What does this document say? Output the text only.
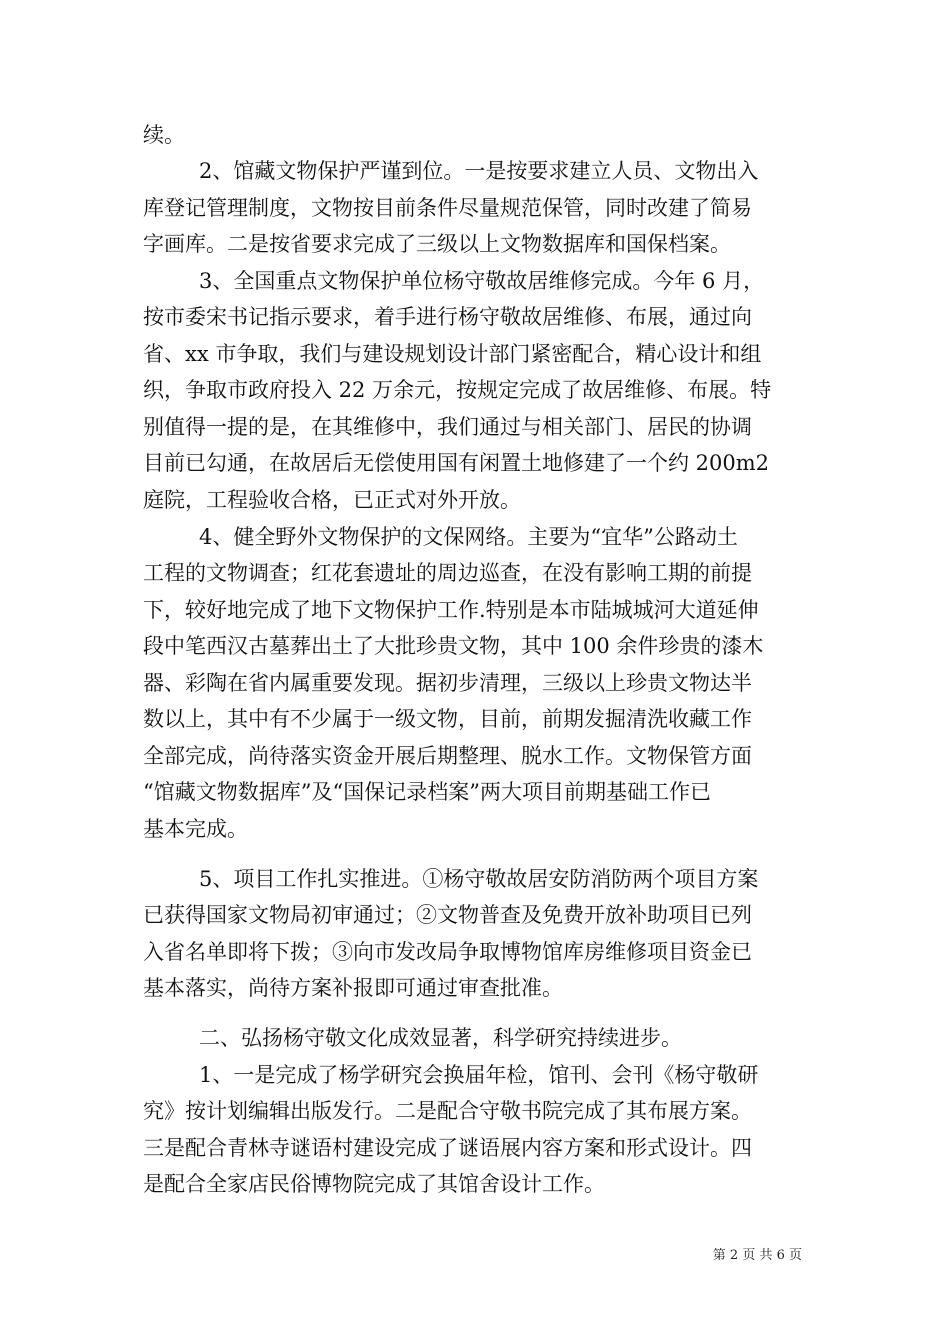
续。
2、馆藏文物保护严谨到位。一是按要求建立人员、文物出入
库登记管理制度，文物按目前条件尽量规范保管，同时改建了简易
字画库。二是按省要求完成了三级以上文物数据库和国保档案。
3、全国重点文物保护单位杨守敬故居维修完成。今年 6 月，
按市委宋书记指示要求，着手进行杨守敬故居维修、布展，通过向
省、xx 市争取，我们与建设规划设计部门紧密配合，精心设计和组
织，争取市政府投入 22 万余元，按规定完成了故居维修、布展。特
别值得一提的是，在其维修中，我们通过与相关部门、居民的协调
目前已勾通，在故居后无偿使用国有闲置土地修建了一个约 200m2
庭院，工程验收合格，已正式对外开放。
4、健全野外文物保护的文保网络。主要为“宜华”公路动土
工程的文物调查；红花套遗址的周边巡查，在没有影响工期的前提
下，较好地完成了地下文物保护工作.特别是本市陆城城河大道延伸
段中笔西汉古墓葬出土了大批珍贵文物，其中 100 余件珍贵的漆木
器、彩陶在省内属重要发现。据初步清理，三级以上珍贵文物达半
数以上，其中有不少属于一级文物，目前，前期发掘清洗收藏工作
全部完成，尚待落实资金开展后期整理、脱水工作。文物保管方面
“馆藏文物数据库”及“国保记录档案”两大项目前期基础工作已
基本完成。
5、项目工作扎实推进。①杨守敬故居安防消防两个项目方案
已获得国家文物局初审通过；②文物普查及免费开放补助项目已列
入省名单即将下拨；③向市发改局争取博物馆库房维修项目资金已
基本落实，尚待方案补报即可通过审查批准。
二、弘扬杨守敬文化成效显著，科学研究持续进步。
1、一是完成了杨学研究会换届年检，馆刊、会刊《杨守敬研
究》按计划编辑出版发行。二是配合守敬书院完成了其布展方案。
三是配合青林寺谜语村建设完成了谜语展内容方案和形式设计。四
是配合全家店民俗博物院完成了其馆舍设计工作。
第 2 页 共 6 页
